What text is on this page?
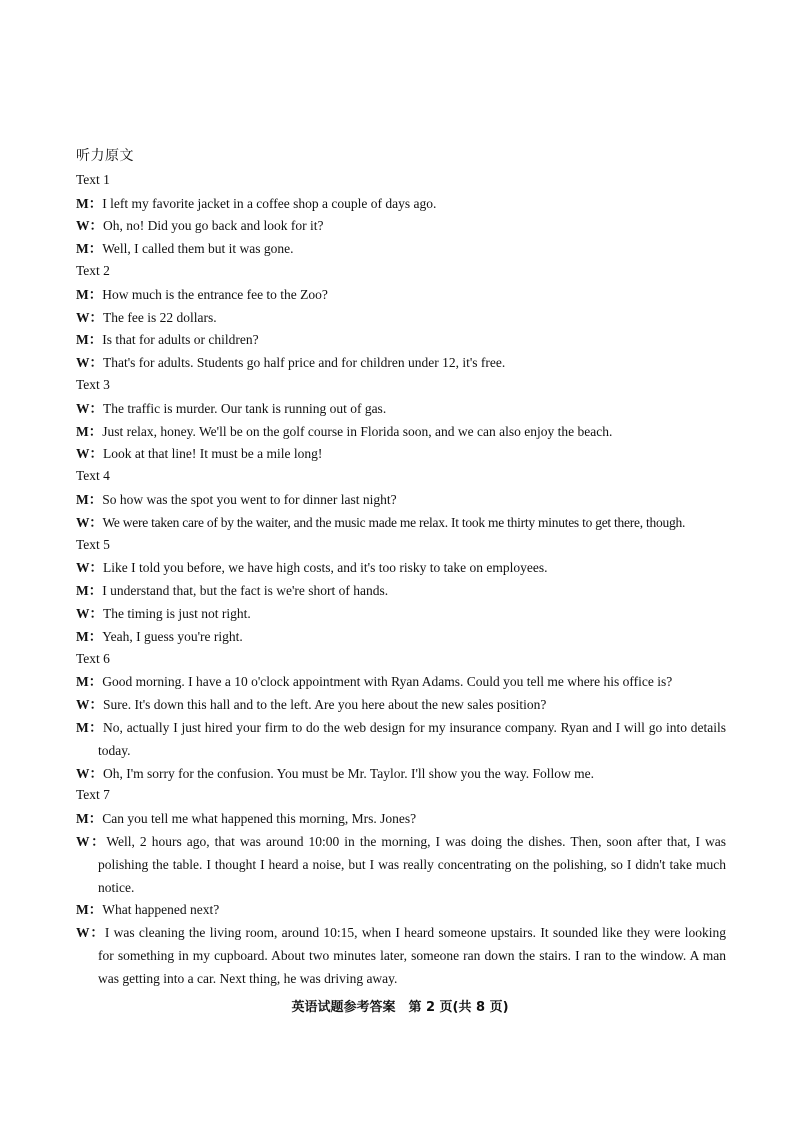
听力原文
Text 1
M：I left my favorite jacket in a coffee shop a couple of days ago.
W：Oh, no! Did you go back and look for it?
M：Well, I called them but it was gone.
Text 2
M：How much is the entrance fee to the Zoo?
W：The fee is 22 dollars.
M：Is that for adults or children?
W：That's for adults. Students go half price and for children under 12, it's free.
Text 3
W：The traffic is murder. Our tank is running out of gas.
M：Just relax, honey. We'll be on the golf course in Florida soon, and we can also enjoy the beach.
W：Look at that line! It must be a mile long!
Text 4
M：So how was the spot you went to for dinner last night?
W：We were taken care of by the waiter, and the music made me relax. It took me thirty minutes to get there, though.
Text 5
W：Like I told you before, we have high costs, and it's too risky to take on employees.
M：I understand that, but the fact is we're short of hands.
W：The timing is just not right.
M：Yeah, I guess you're right.
Text 6
M：Good morning. I have a 10 o'clock appointment with Ryan Adams. Could you tell me where his office is?
W：Sure. It's down this hall and to the left. Are you here about the new sales position?
M：No, actually I just hired your firm to do the web design for my insurance company. Ryan and I will go into details today.
W：Oh, I'm sorry for the confusion. You must be Mr. Taylor. I'll show you the way. Follow me.
Text 7
M：Can you tell me what happened this morning, Mrs. Jones?
W：Well, 2 hours ago, that was around 10:00 in the morning, I was doing the dishes. Then, soon after that, I was polishing the table. I thought I heard a noise, but I was really concentrating on the polishing, so I didn't take much notice.
M：What happened next?
W：I was cleaning the living room, around 10:15, when I heard someone upstairs. It sounded like they were looking for something in my cupboard. About two minutes later, someone ran down the stairs. I ran to the window. A man was getting into a car. Next thing, he was driving away.
英语试题参考答案　第 2 页(共 8 页)
